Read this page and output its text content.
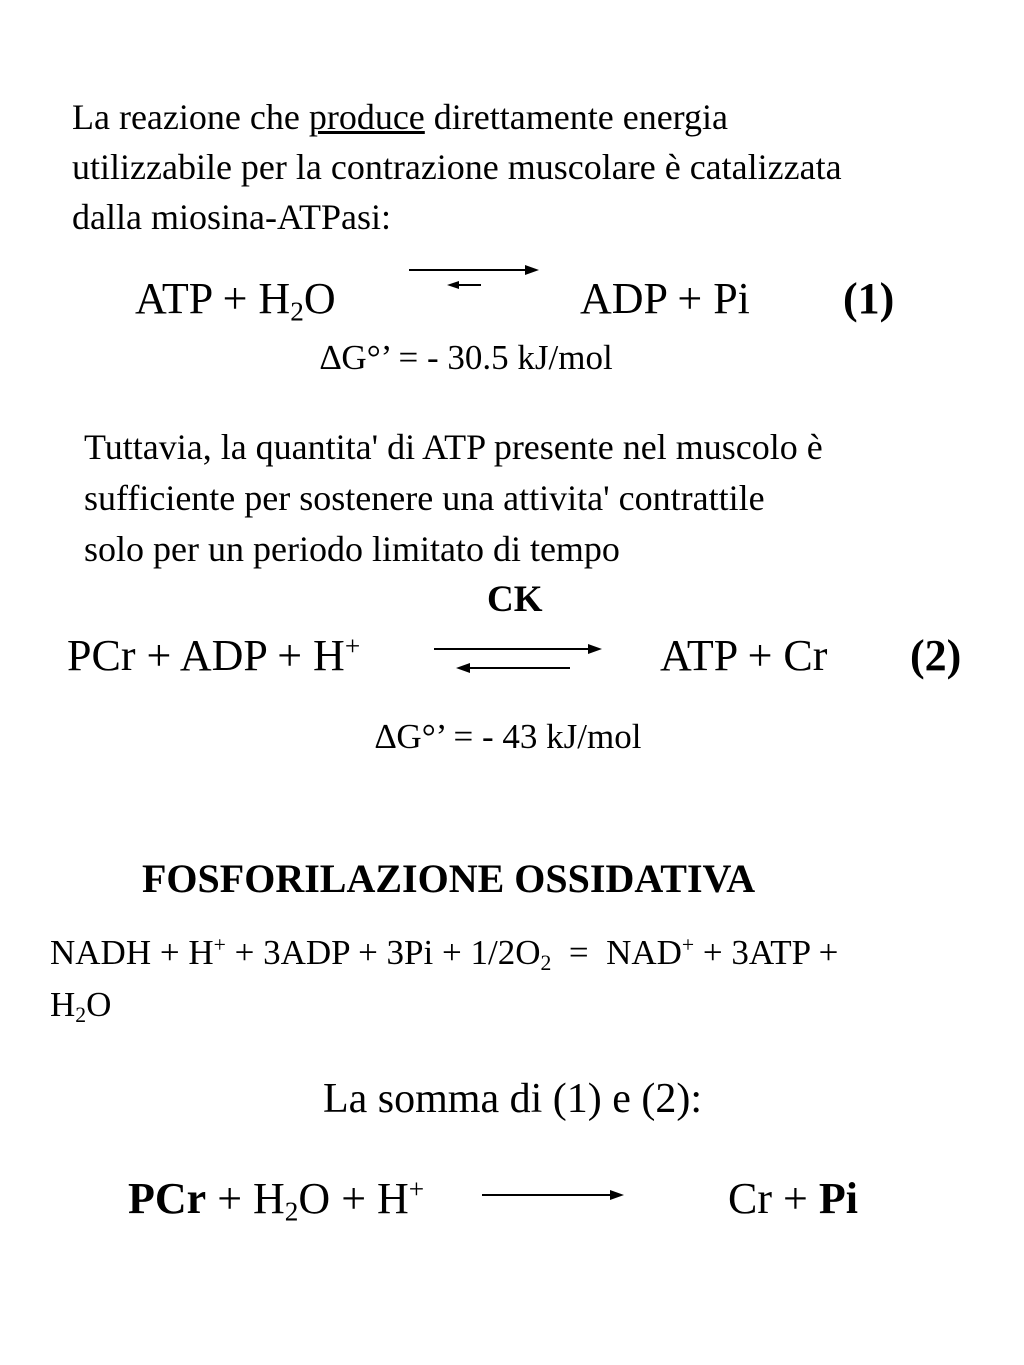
La reazione che produce direttamente energia
utilizzabile per la contrazione muscolare è catalizzata
dalla miosina-ATPasi:
ATP + $H_2O$	ADP + Pi (1)
∆G°’ = - 30.5 kJ/mol
Tuttavia, la quantita' di ATP presente nel muscolo è
sufficiente per sostenere una attivita' contrattile
solo per un periodo limitato di tempo
CK
PCr + ADP + H+	ATP + Cr (2)
∆G°’ = - 43 kJ/mol
FOSFORILAZIONE OSSIDATIVA
NADH + $H^+ + 3ADP + 3Pi + 1/2O_2 = NAD^+ + 3ATP$ +
$H_2O$
La somma di (1) e (2):
PCr + $H_2O + H^+$	Cr + Pi
